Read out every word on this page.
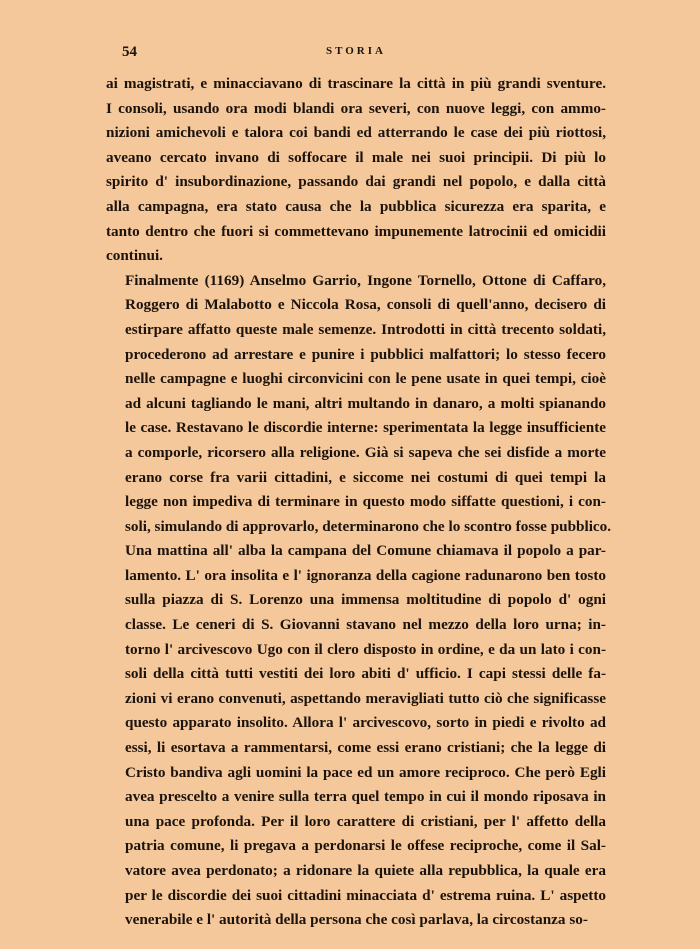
54	STORIA
ai magistrati, e minacciavano di trascinare la città in più grandi sventure.
I consoli, usando ora modi blandi ora severi, con nuove leggi, con ammo-
nizioni amichevoli e talora coi bandi ed atterrando le case dei più riottosi,
aveano cercato invano di soffocare il male nei suoi principii. Di più lo
spirito d' insubordinazione, passando dai grandi nel popolo, e dalla città
alla campagna, era stato causa che la pubblica sicurezza era sparita, e
tanto dentro che fuori si commettevano impunemente latrocinii ed omicidii
continui.
Finalmente (1169) Anselmo Garrio, Ingone Tornello, Ottone di Caffaro,
Roggero di Malabotto e Niccola Rosa, consoli di quell'anno, decisero di
estirpare affatto queste male semenze. Introdotti in città trecento soldati,
procederono ad arrestare e punire i pubblici malfattori; lo stesso fecero
nelle campagne e luoghi circonvicini con le pene usate in quei tempi, cioè
ad alcuni tagliando le mani, altri multando in danaro, a molti spianando
le case. Restavano le discordie interne: sperimentata la legge insufficiente
a comporle, ricorsero alla religione. Già si sapeva che sei disfide a morte
erano corse fra varii cittadini, e siccome nei costumi di quei tempi la
legge non impediva di terminare in questo modo siffatte questioni, i con-
soli, simulando di approvarlo, determinarono che lo scontro fosse pubblico.
Una mattina all' alba la campana del Comune chiamava il popolo a par-
lamento. L' ora insolita e l' ignoranza della cagione radunarono ben tosto
sulla piazza di S. Lorenzo una immensa moltitudine di popolo d' ogni
classe. Le ceneri di S. Giovanni stavano nel mezzo della loro urna; in-
torno l' arcivescovo Ugo con il clero disposto in ordine, e da un lato i con-
soli della città tutti vestiti dei loro abiti d' ufficio. I capi stessi delle fa-
zioni vi erano convenuti, aspettando meravigliati tutto ciò che significasse
questo apparato insolito. Allora l' arcivescovo, sorto in piedi e rivolto ad
essi, li esortava a rammentarsi, come essi erano cristiani; che la legge di
Cristo bandiva agli uomini la pace ed un amore reciproco. Che però Egli
avea prescelto a venire sulla terra quel tempo in cui il mondo riposava in
una pace profonda. Per il loro carattere di cristiani, per l' affetto della
patria comune, li pregava a perdonarsi le offese reciproche, come il Sal-
vatore avea perdonato; a ridonare la quiete alla repubblica, la quale era
per le discordie dei suoi cittadini minacciata d' estrema ruina. L' aspetto
venerabile e l' autorità della persona che così parlava, la circostanza so-
